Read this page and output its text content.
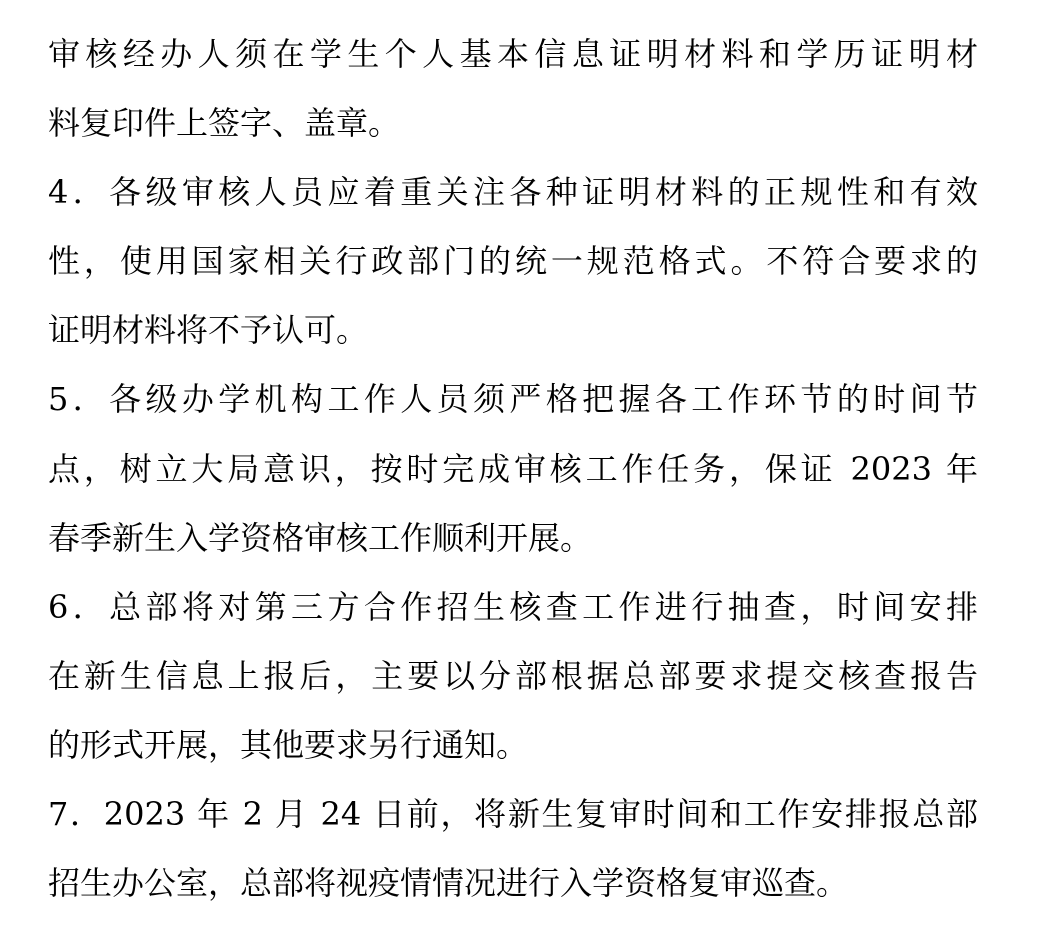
审核经办人须在学生个人基本信息证明材料和学历证明材
料复印件上签字、盖章。
4．各级审核人员应着重关注各种证明材料的正规性和有效
性，使用国家相关行政部门的统一规范格式。不符合要求的
证明材料将不予认可。
5．各级办学机构工作人员须严格把握各工作环节的时间节
点，树立大局意识，按时完成审核工作任务，保证 2023 年
春季新生入学资格审核工作顺利开展。
6．总部将对第三方合作招生核查工作进行抽查，时间安排
在新生信息上报后，主要以分部根据总部要求提交核查报告
的形式开展，其他要求另行通知。
7．2023 年 2 月 24 日前，将新生复审时间和工作安排报总部
招生办公室，总部将视疫情情况进行入学资格复审巡查。
